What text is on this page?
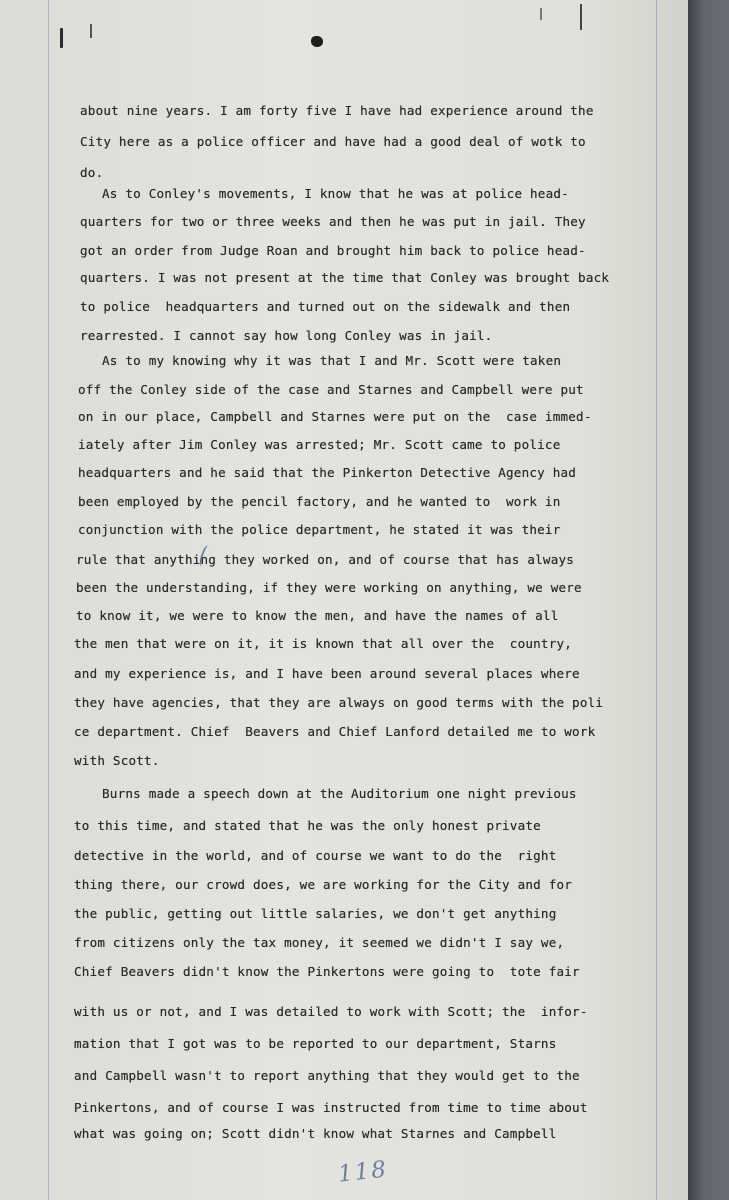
about nine years. I am forty five I have had experience around the
City here as a police officer and have had a good deal of wotk to
do.
As to Conley's movements, I know that he was at police head-
quarters for two or three weeks and then he was put in jail. They
got an order from Judge Roan and brought him back to police head-
quarters. I was not present at the time that Conley was brought back
to police  headquarters and turned out on the sidewalk and then
rearrested. I cannot say how long Conley was in jail.
As to my knowing why it was that I and Mr. Scott were taken
off the Conley side of the case and Starnes and Campbell were put
on in our place, Campbell and Starnes were put on the  case immed-
iately after Jim Conley was arrested; Mr. Scott came to police
headquarters and he said that the Pinkerton Detective Agency had
been employed by the pencil factory, and he wanted to  work in
conjunction with the police department, he stated it was their
rule that anything they worked on, and of course that has always
been the understanding, if they were working on anything, we were
to know it, we were to know the men, and have the names of all
the men that were on it, it is known that all over the  country,
and my experience is, and I have been around several places where
they have agencies, that they are always on good terms with the poli
ce department. Chief  Beavers and Chief Lanford detailed me to work
with Scott.
Burns made a speech down at the Auditorium one night previous
to this time, and stated that he was the only honest private
detective in the world, and of course we want to do the  right
thing there, our crowd does, we are working for the City and for
the public, getting out little salaries, we don't get anything
from citizens only the tax money, it seemed we didn't I say we,
Chief Beavers didn't know the Pinkertons were going to  tote fair
with us or not, and I was detailed to work with Scott; the  infor-
mation that I got was to be reported to our department, Starns
and Campbell wasn't to report anything that they would get to the
Pinkertons, and of course I was instructed from time to time about
what was going on; Scott didn't know what Starnes and Campbell
118
